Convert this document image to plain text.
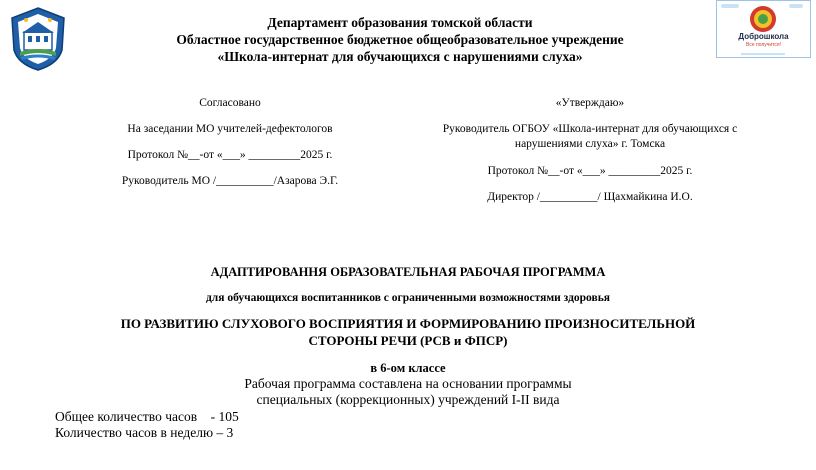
Доброшкола
Все получится!
Департамент образования томской области
Областное государственное бюджетное общеобразовательное учреждение
«Школа-интернат для обучающихся с нарушениями слуха»
Согласовано
На заседании МО учителей-дефектологов
Протокол №__-от «___» _________2025 г.
Руководитель МО /__________/Азарова Э.Г.
«Утверждаю»
Руководитель ОГБОУ «Школа-интернат для обучающихся с
нарушениями слуха» г. Томска
Протокол №__-от «___» _________2025 г.
Директор /__________/ Щахмайкина И.О.
АДАПТИРОВАННЯ ОБРАЗОВАТЕЛЬНАЯ РАБОЧАЯ ПРОГРАММА
для обучающихся воспитанников с ограниченными возможностями здоровья
ПО РАЗВИТИЮ СЛУХОВОГО ВОСПРИЯТИЯ И ФОРМИРОВАНИЮ ПРОИЗНОСИТЕЛЬНОЙ
СТОРОНЫ РЕЧИ (РСВ и ФПСР)
в 6-ом классе
Рабочая программа составлена на основании программы
специальных (коррекционных) учреждений I-II вида
Общее количество часов    - 105
Количество часов в неделю – 3
